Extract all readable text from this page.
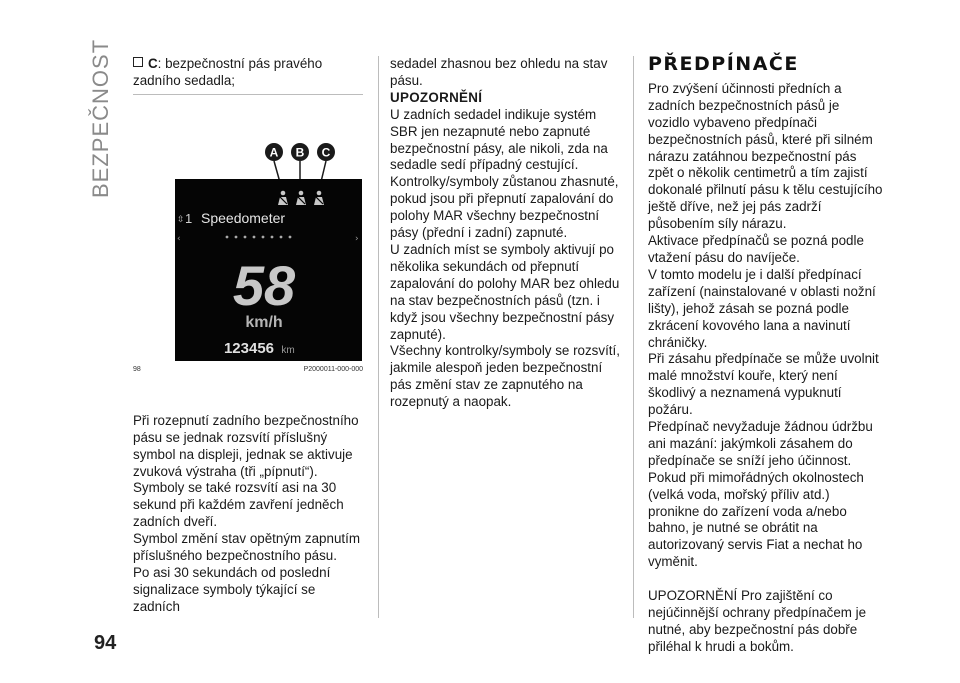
BEZPEČNOST	C: bezpečnostní pás pravého zadního sedadla;

A B C
⇳ 1 Speedometer
‹	›
58
km/h
123456 km
98	P2000011-000-000

Při rozepnutí zadního bezpečnostního pásu se jednak rozsvítí příslušný symbol na displeji, jednak se aktivuje zvuková výstraha (tři „pípnutí“).

Symboly se také rozsvítí asi na 30 sekund při každém zavření jedněch zadních dveří.

Symbol změní stav opětným zapnutím příslušného bezpečnostního pásu.

Po asi 30 sekundách od poslední signalizace symboly týkající se zadních

sedadel zhasnou bez ohledu na stav pásu.

UPOZORNĚNÍ

U zadních sedadel indikuje systém SBR jen nezapnuté nebo zapnuté bezpečnostní pásy, ale nikoli, zda na sedadle sedí případný cestující.

Kontrolky/symboly zůstanou zhasnuté, pokud jsou při přepnutí zapalování do polohy MAR všechny bezpečnostní pásy (přední i zadní) zapnuté.

U zadních míst se symboly aktivují po několika sekundách od přepnutí zapalování do polohy MAR bez ohledu na stav bezpečnostních pásů (tzn. i když jsou všechny bezpečnostní pásy zapnuté).

Všechny kontrolky/symboly se rozsvítí, jakmile alespoň jeden bezpečnostní pás změní stav ze zapnutého na rozepnutý a naopak.

PŘEDPÍNAČE

Pro zvýšení účinnosti předních a zadních bezpečnostních pásů je vozidlo vybaveno předpínači bezpečnostních pásů, které při silném nárazu zatáhnou bezpečnostní pás zpět o několik centimetrů a tím zajistí dokonalé přilnutí pásu k tělu cestujícího ještě dříve, než jej pás zadrží působením síly nárazu.

Aktivace předpínačů se pozná podle vtažení pásu do navíječe.

V tomto modelu je i další předpínací zařízení (nainstalované v oblasti nožní lišty), jehož zásah se pozná podle zkrácení kovového lana a navinutí chráničky.

Při zásahu předpínače se může uvolnit malé množství kouře, který není škodlivý a neznamená vypuknutí požáru.

Předpínač nevyžaduje žádnou údržbu ani mazání: jakýmkoli zásahem do předpínače se sníží jeho účinnost.

Pokud při mimořádných okolnostech (velká voda, mořský příliv atd.) pronikne do zařízení voda a/nebo bahno, je nutné se obrátit na autorizovaný servis Fiat a nechat ho vyměnit.

UPOZORNĚNÍ Pro zajištění co nejúčinnější ochrany předpínačem je nutné, aby bezpečnostní pás dobře přiléhal k hrudi a bokům.

94
